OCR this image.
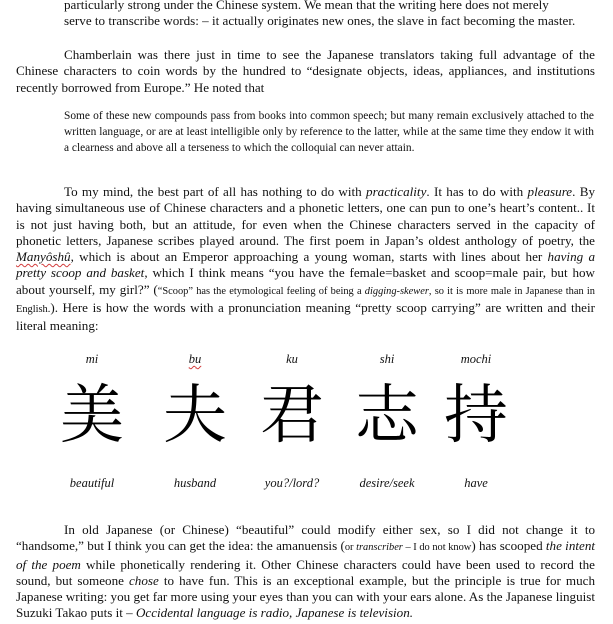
particularly strong under the Chinese system. We mean that the writing here does not merely
serve to transcribe words: – it actually originates new ones, the slave in fact becoming the master.

Chamberlain was there just in time to see the Japanese translators taking full advantage of the Chinese characters to coin words by the hundred to “designate objects, ideas, appliances, and institutions recently borrowed from Europe.” He noted that

Some of these new compounds pass from books into common speech; but many remain exclusively attached to the written language, or are at least intelligible only by reference to the latter, while at the same time they endow it with a clearness and above all a terseness to which the colloquial can never attain.

To my mind, the best part of all has nothing to do with practicality. It has to do with pleasure. By having simultaneous use of Chinese characters and a phonetic letters, one can pun to one’s heart’s content.. It is not just having both, but an attitude, for even when the Chinese characters served in the capacity of phonetic letters, Japanese scribes played around. The first poem in Japan’s oldest anthology of poetry, the Manyôshû, which is about an Emperor approaching a young woman, starts with lines about her having a pretty scoop and basket, which I think means “you have the female=basket and scoop=male pair, but how about yourself, my girl?” (“Scoop” has the etymological feeling of being a digging-skewer, so it is more male in Japanese than in English.). Here is how the words with a pronunciation meaning “pretty scoop carrying” are written and their literal meaning:

mi
美
beautiful
bu
夫
husband
ku
君
you?/lord?
shi
志
desire/seek
mochi
持
have

In old Japanese (or Chinese) “beautiful” could modify either sex, so I did not change it to “handsome,” but I think you can get the idea: the amanuensis (or transcriber – I do not know) has scooped the intent of the poem while phonetically rendering it. Other Chinese characters could have been used to record the sound, but someone chose to have fun. This is an exceptional example, but the principle is true for much Japanese writing: you get far more using your eyes than you can with your ears alone. As the Japanese linguist Suzuki Takao puts it – Occidental language is radio, Japanese is television.
